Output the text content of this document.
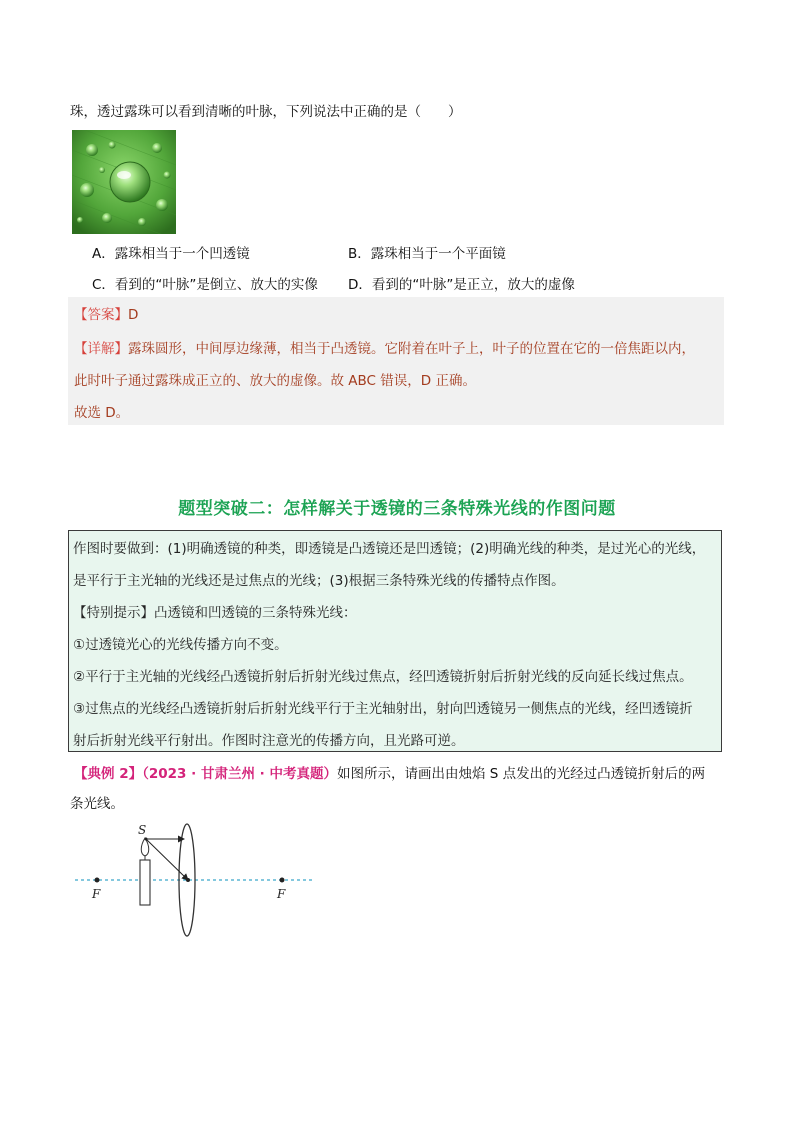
珠，透过露珠可以看到清晰的叶脉，下列说法中正确的是（　　）
A．露珠相当于一个凹透镜	B．露珠相当于一个平面镜
C．看到的“叶脉”是倒立、放大的实像 D．看到的“叶脉”是正立，放大的虚像
【答案】D
【详解】露珠圆形，中间厚边缘薄，相当于凸透镜。它附着在叶子上，叶子的位置在它的一倍焦距以内，
此时叶子通过露珠成正立的、放大的虚像。故 ABC 错误，D 正确。
故选 D。
题型突破二：怎样解关于透镜的三条特殊光线的作图问题
作图时要做到：(1)明确透镜的种类，即透镜是凸透镜还是凹透镜；(2)明确光线的种类，是过光心的光线，
是平行于主光轴的光线还是过焦点的光线；(3)根据三条特殊光线的传播特点作图。
【特别提示】凸透镜和凹透镜的三条特殊光线：
①过透镜光心的光线传播方向不变。
②平行于主光轴的光线经凸透镜折射后折射光线过焦点，经凹透镜折射后折射光线的反向延长线过焦点。
③过焦点的光线经凸透镜折射后折射光线平行于主光轴射出，射向凹透镜另一侧焦点的光线，经凹透镜折
射后折射光线平行射出。作图时注意光的传播方向，且光路可逆。
【典例 2】（2023 · 甘肃兰州 · 中考真题）如图所示，请画出由烛焰 S 点发出的光经过凸透镜折射后的两
条光线。
S
F	F
